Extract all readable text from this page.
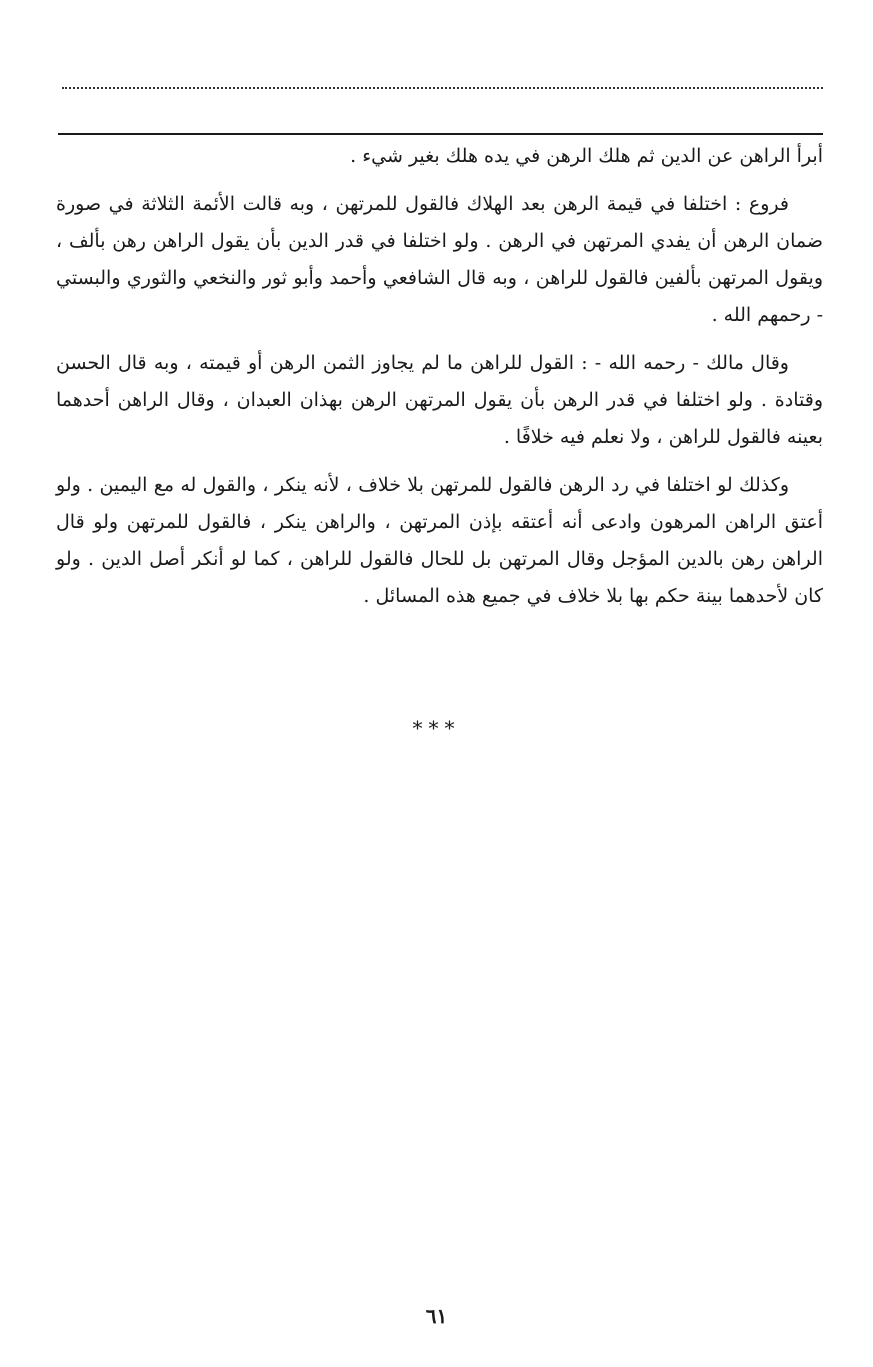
أبرأ الراهن عن الدين ثم هلك الرهن في يده هلك بغير شيء .

فروع : اختلفا في قيمة الرهن بعد الهلاك فالقول للمرتهن ، وبه قالت الأئمة الثلاثة في صورة ضمان الرهن أن يفدي المرتهن في الرهن . ولو اختلفا في قدر الدين بأن يقول الراهن رهن بألف ، ويقول المرتهن بألفين فالقول للراهن ، وبه قال الشافعي وأحمد وأبو ثور والنخعي والثوري والبستي - رحمهم الله .

وقال مالك - رحمه الله - : القول للراهن ما لم يجاوز الثمن الرهن أو قيمته ، وبه قال الحسن وقتادة . ولو اختلفا في قدر الرهن بأن يقول المرتهن الرهن بهذان العبدان ، وقال الراهن أحدهما بعينه فالقول للراهن ، ولا نعلم فيه خلافًا .

وكذلك لو اختلفا في رد الرهن فالقول للمرتهن بلا خلاف ، لأنه ينكر ، والقول له مع اليمين . ولو أعتق الراهن المرهون وادعى أنه أعتقه بإذن المرتهن ، والراهن ينكر ، فالقول للمرتهن ولو قال الراهن رهن بالدين المؤجل وقال المرتهن بل للحال فالقول للراهن ، كما لو أنكر أصل الدين . ولو كان لأحدهما بينة حكم بها بلا خلاف في جميع هذه المسائل .

***
٦١
